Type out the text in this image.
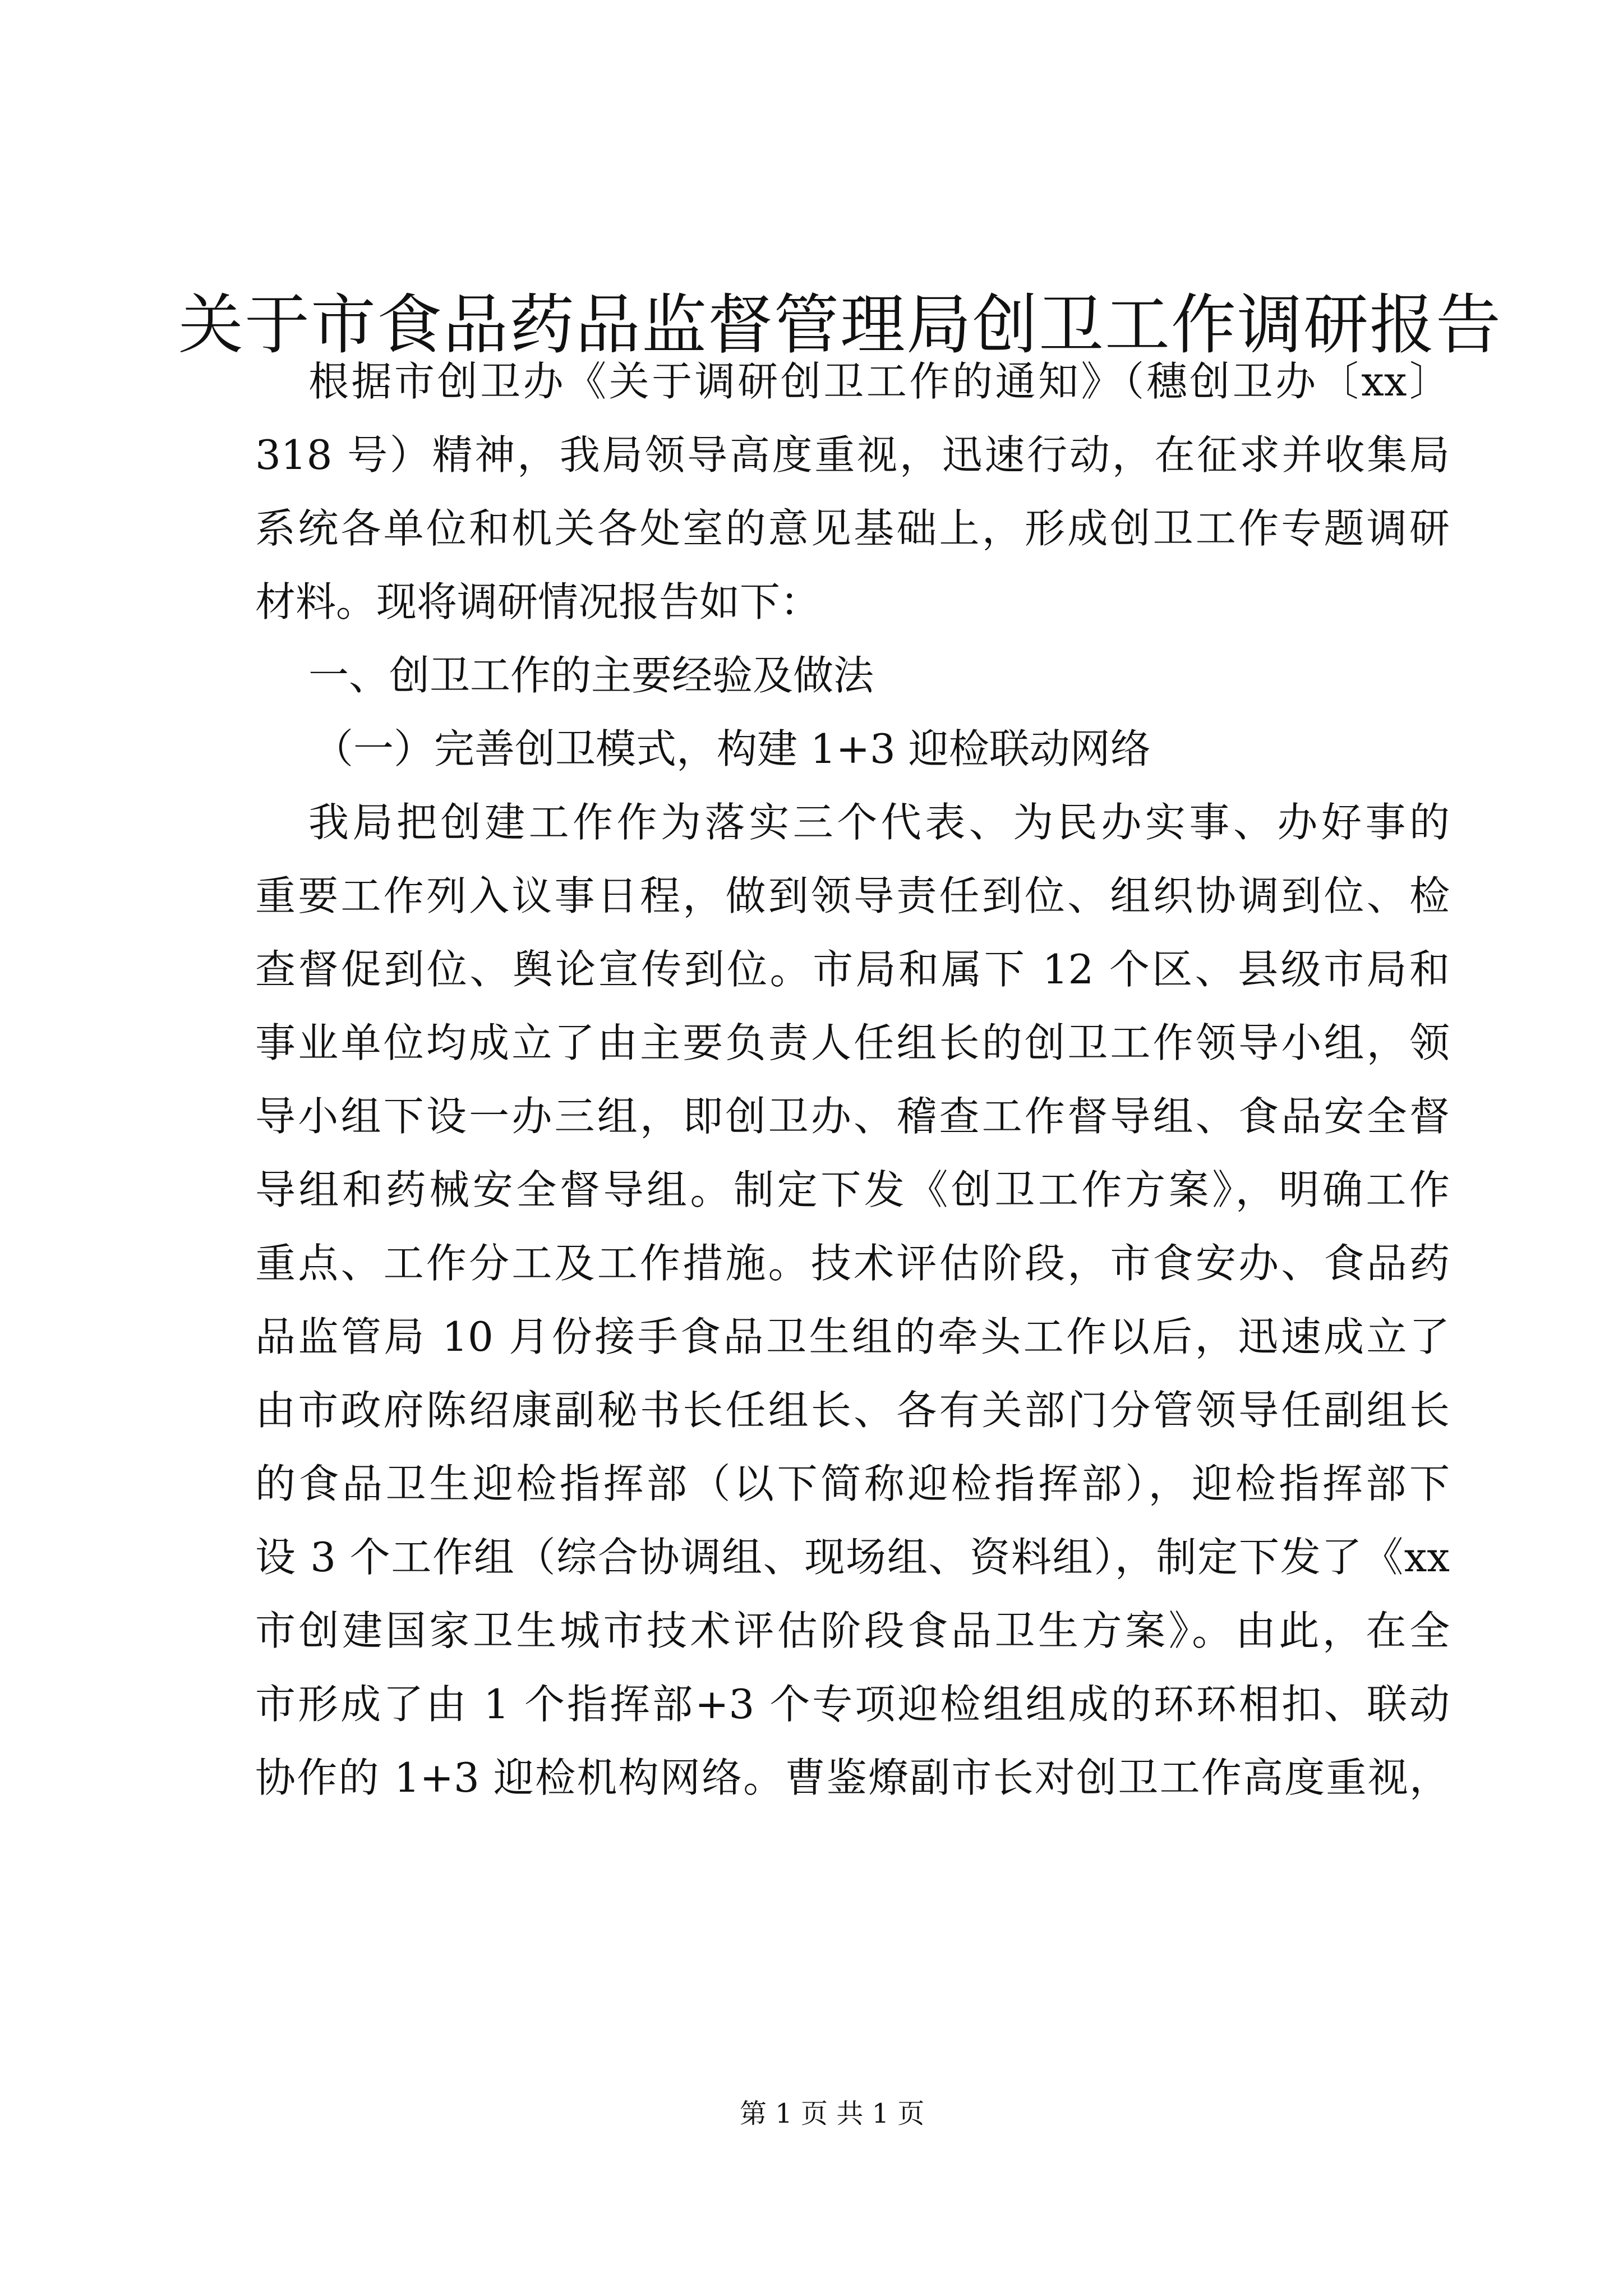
关于市食品药品监督管理局创卫工作调研报告

根据市创卫办《关于调研创卫工作的通知》（穗创卫办〔xx〕

318 号）精神，我局领导高度重视，迅速行动，在征求并收集局

系统各单位和机关各处室的意见基础上，形成创卫工作专题调研

材料。现将调研情况报告如下：

一、创卫工作的主要经验及做法

（一）完善创卫模式，构建 1+3 迎检联动网络

我局把创建工作作为落实三个代表、为民办实事、办好事的

重要工作列入议事日程，做到领导责任到位、组织协调到位、检

查督促到位、舆论宣传到位。市局和属下 12 个区、县级市局和

事业单位均成立了由主要负责人任组长的创卫工作领导小组，领

导小组下设一办三组，即创卫办、稽查工作督导组、食品安全督

导组和药械安全督导组。制定下发《创卫工作方案》，明确工作

重点、工作分工及工作措施。技术评估阶段，市食安办、食品药

品监管局 10 月份接手食品卫生组的牵头工作以后，迅速成立了

由市政府陈绍康副秘书长任组长、各有关部门分管领导任副组长

的食品卫生迎检指挥部（以下简称迎检指挥部），迎检指挥部下

设 3 个工作组（综合协调组、现场组、资料组），制定下发了《xx

市创建国家卫生城市技术评估阶段食品卫生方案》。由此，在全

市形成了由 1 个指挥部+3 个专项迎检组组成的环环相扣、联动

协作的 1+3 迎检机构网络。曹鉴燎副市长对创卫工作高度重视，

第 1 页 共 1 页
